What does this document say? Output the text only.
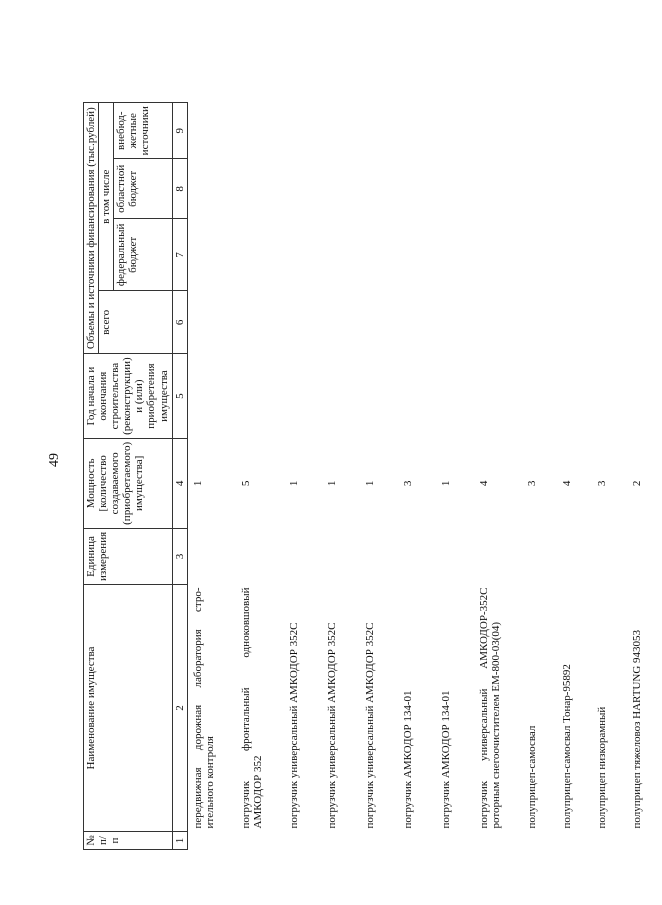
49
№ п/п	Наименование имущества	Единица измерения	Мощность [количество создаваемого (приобретаемого) имущества]	Год начала и окончания строительства (реконструкции) и (или) приобретения имущества	Объемы и источники финансирования (тыс.рублей)			
					всего	в том числе		
						федеральный бюджет	областной бюджет	внебюд-жетные источники
1	2	3	4	5	6	7	8	9
	передвижная дорожная лаборатория стро-ительного контроля		1					
	погрузчик фронтальный одноковшовый АМКОДОР 352		5					
	погрузчик универсальный АМКОДОР 352С		1					
	погрузчик универсальный АМКОДОР 352С		1					
	погрузчик универсальный АМКОДОР 352С		1					
	погрузчик АМКОДОР 134-01		3					
	погрузчик АМКОДОР 134-01		1					
	погрузчик универсальный АМКОДОР-352С роторным снегоочистителем ЕМ-800-03(04)		4					
	полуприцеп-самосвал		3					
	полуприцеп-самосвал Тонар-95892		4					
	полуприцеп низкорамный		3					
	полуприцеп тяжеловоз HARTUNG 943053		2					
